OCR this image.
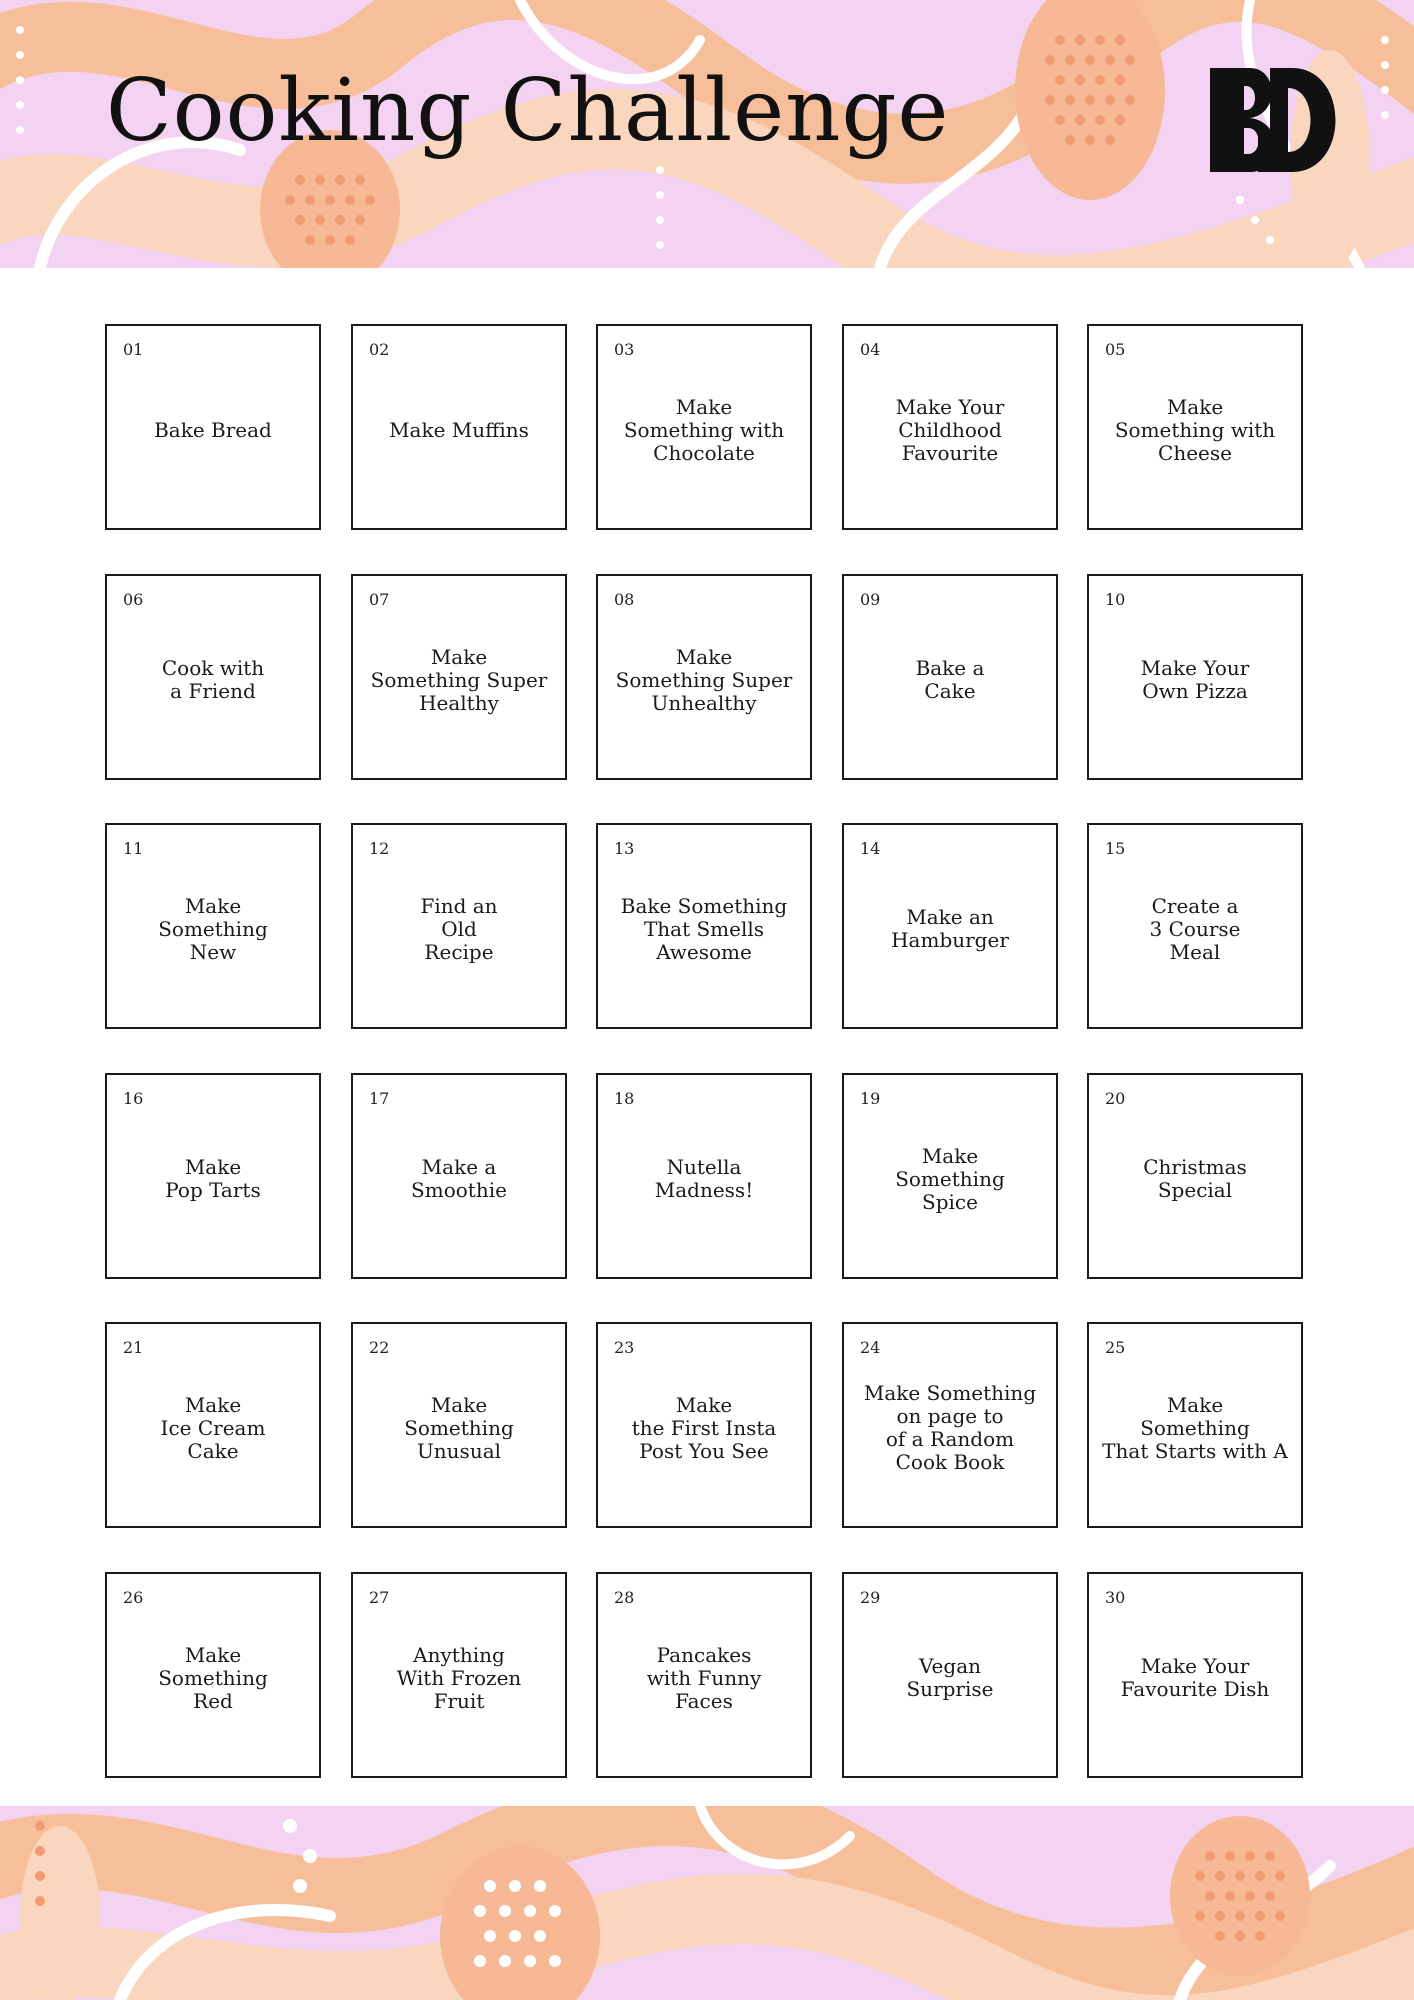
Cooking Challenge
01
Bake Bread
02
Make Muffins
03
Make
Something with
Chocolate
04
Make Your
Childhood
Favourite
05
Make
Something with
Cheese
06
Cook with
a Friend
07
Make
Something Super
Healthy
08
Make
Something Super
Unhealthy
09
Bake a
Cake
10
Make Your
Own Pizza
11
Make
Something
New
12
Find an
Old
Recipe
13
Bake Something
That Smells
Awesome
14
Make an
Hamburger
15
Create a
3 Course
Meal
16
Make
Pop Tarts
17
Make a
Smoothie
18
Nutella
Madness!
19
Make
Something
Spice
20
Christmas
Special
21
Make
Ice Cream
Cake
22
Make
Something
Unusual
23
Make
the First Insta
Post You See
24
Make Something
on page to
of a Random
Cook Book
25
Make
Something
That Starts with A
26
Make
Something
Red
27
Anything
With Frozen
Fruit
28
Pancakes
with Funny
Faces
29
Vegan
Surprise
30
Make Your
Favourite Dish
